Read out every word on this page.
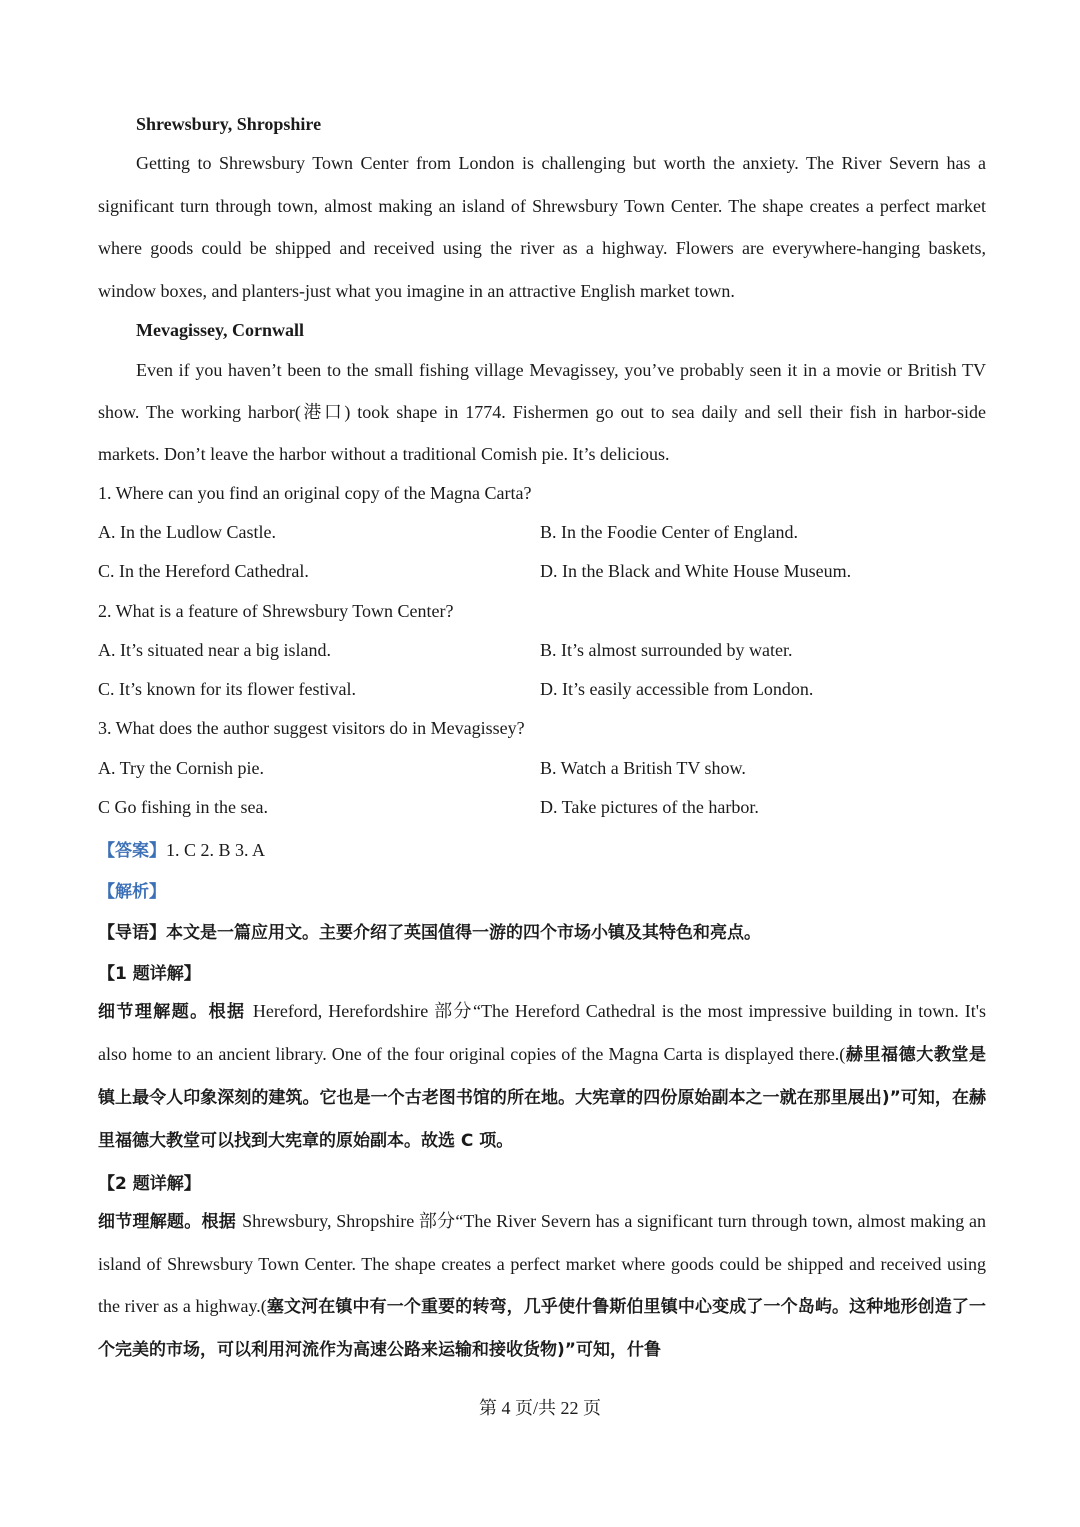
Shrewsbury, Shropshire
Getting to Shrewsbury Town Center from London is challenging but worth the anxiety. The River Severn has a significant turn through town, almost making an island of Shrewsbury Town Center. The shape creates a perfect market where goods could be shipped and received using the river as a highway. Flowers are everywhere-hanging baskets, window boxes, and planters-just what you imagine in an attractive English market town.
Mevagissey, Cornwall
Even if you haven’t been to the small fishing village Mevagissey, you’ve probably seen it in a movie or British TV show. The working harbor(港口) took shape in 1774. Fishermen go out to sea daily and sell their fish in harbor-side markets. Don’t leave the harbor without a traditional Comish pie. It’s delicious.
1. Where can you find an original copy of the Magna Carta?
A. In the Ludlow Castle.	B. In the Foodie Center of England.
C. In the Hereford Cathedral.	D. In the Black and White House Museum.
2. What is a feature of Shrewsbury Town Center?
A. It’s situated near a big island.	B. It’s almost surrounded by water.
C. It’s known for its flower festival.	D. It’s easily accessible from London.
3. What does the author suggest visitors do in Mevagissey?
A. Try the Cornish pie.	B. Watch a British TV show.
C Go fishing in the sea.	D. Take pictures of the harbor.
【答案】1. C 2. B 3. A
【解析】
【导语】本文是一篇应用文。主要介绍了英国值得一游的四个市场小镇及其特色和亮点。
【1 题详解】
细节理解题。根据 Hereford, Herefordshire 部分“The Hereford Cathedral is the most impressive building in town. It's also home to an ancient library. One of the four original copies of the Magna Carta is displayed there.(赫里福德大教堂是镇上最令人印象深刻的建筑。它也是一个古老图书馆的所在地。大宪章的四份原始副本之一就在那里展出)”可知，在赫里福德大教堂可以找到大宪章的原始副本。故选 C 项。
【2 题详解】
细节理解题。根据 Shrewsbury, Shropshire 部分“The River Severn has a significant turn through town, almost making an island of Shrewsbury Town Center. The shape creates a perfect market where goods could be shipped and received using the river as a highway.(塞文河在镇中有一个重要的转弯，几乎使什鲁斯伯里镇中心变成了一个岛屿。这种地形创造了一个完美的市场，可以利用河流作为高速公路来运输和接收货物)”可知，什鲁
第 4 页/共 22 页
